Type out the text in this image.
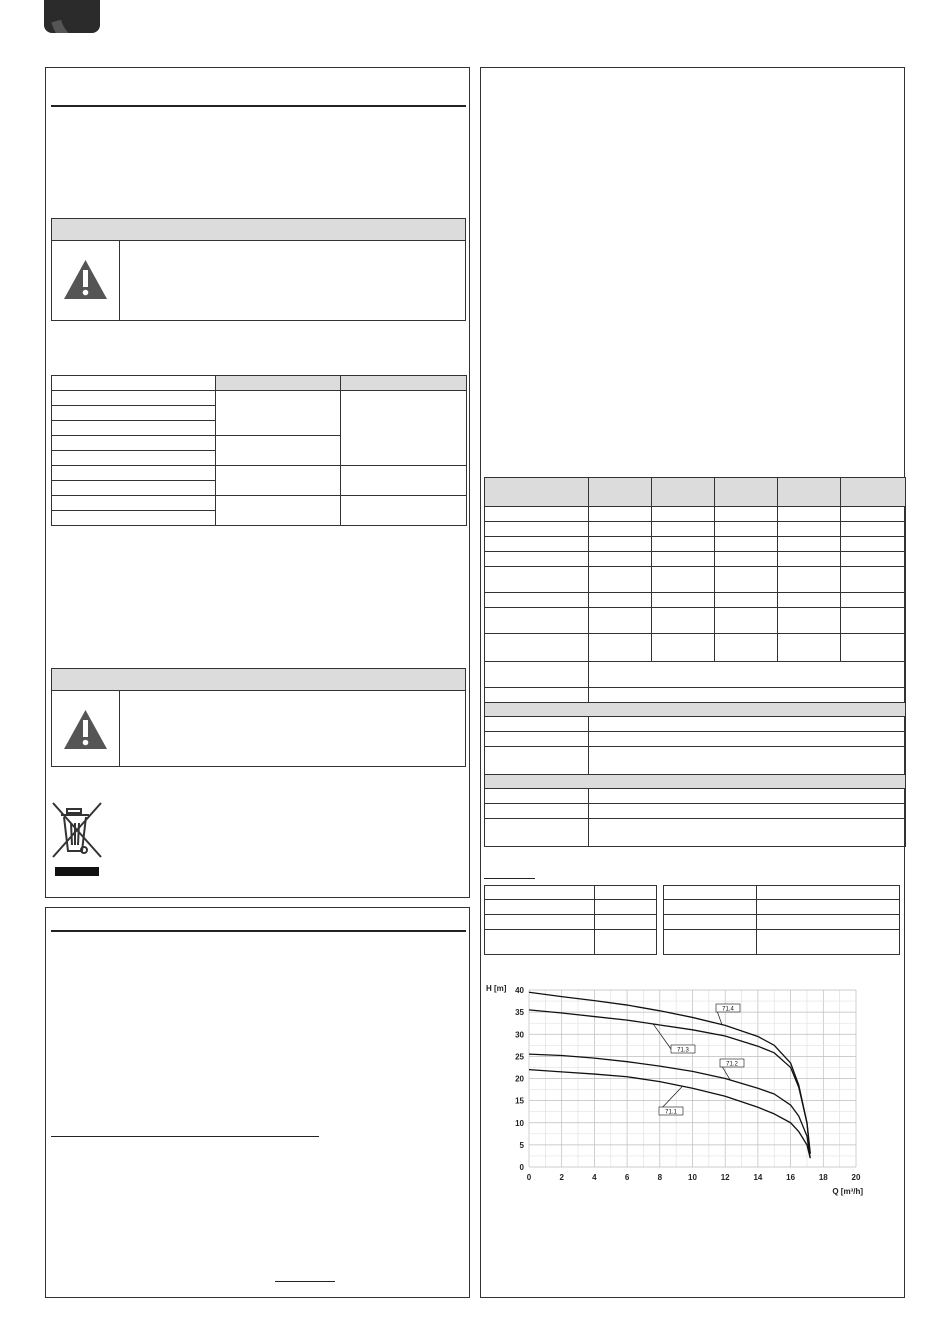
0	2	4	6	8	10	12	14	16	18	20
0
5
10
15
20
25
30
35
40
H [m]
Q [m³/h]
71.1
71.2
71.3
71.4
